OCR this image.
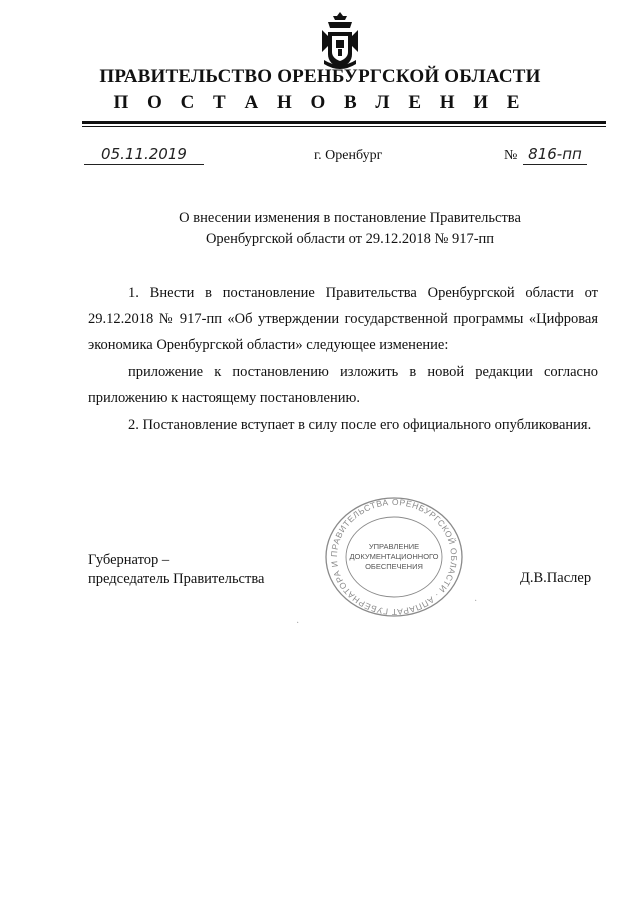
ПРАВИТЕЛЬСТВО ОРЕНБУРГСКОЙ ОБЛАСТИ
П О С Т А Н О В Л Е Н И Е
05.11.2019	г. Оренбург	№ 816-пп
О внесении изменения в постановление Правительства
Оренбургской области от 29.12.2018 № 917-пп
1. Внести в постановление Правительства Оренбургской области от 29.12.2018 № 917-пп «Об утверждении государственной программы «Цифровая экономика Оренбургской области» следующее изменение:
приложение к постановлению изложить в новой редакции согласно приложению к настоящему постановлению.
2. Постановление вступает в силу после его официального опубликования.
Губернатор –
председатель Правительства
ПРАВИТЕЛЬСТВА ОРЕНБУРГСКОЙ ОБЛАСТИ · АППАРАТ ГУБЕРНАТОРА И
УПРАВЛЕНИЕ
ДОКУМЕНТАЦИОННОГО
ОБЕСПЕЧЕНИЯ
Д.В.Паслер
·
·
